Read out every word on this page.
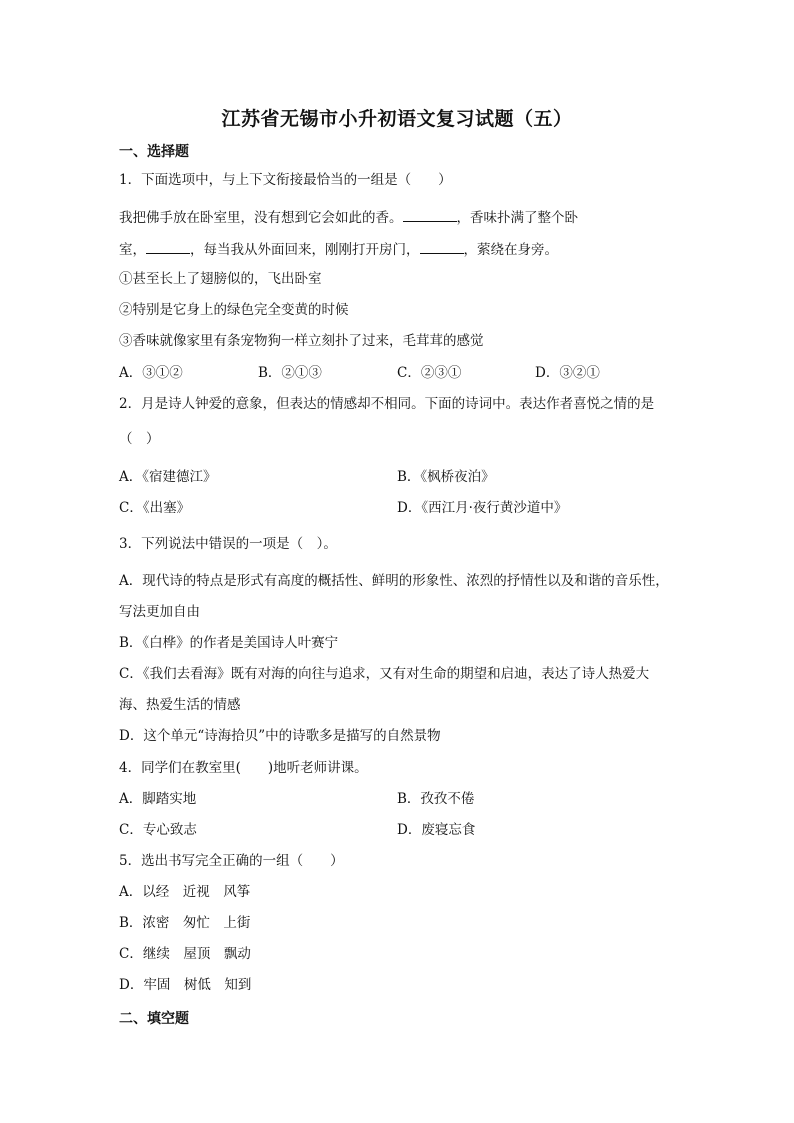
江苏省无锡市小升初语文复习试题（五）
一、选择题
1．下面选项中，与上下文衔接最恰当的一组是（　　）
我把佛手放在卧室里，没有想到它会如此的香。	，香味扑满了整个卧
室，	，每当我从外面回来，刚刚打开房门，	，萦绕在身旁。
①甚至长上了翅膀似的，飞出卧室
②特别是它身上的绿色完全变黄的时候
③香味就像家里有条宠物狗一样立刻扑了过来，毛茸茸的感觉
A．③①②	B．②①③	C．②③①	D．③②①
2．月是诗人钟爱的意象，但表达的情感却不相同。下面的诗词中。表达作者喜悦之情的是
（　）
A．《宿建德江》	B．《枫桥夜泊》
C．《出塞》	D．《西江月·夜行黄沙道中》
3．下列说法中错误的一项是（　）。
A．现代诗的特点是形式有高度的概括性、鲜明的形象性、浓烈的抒情性以及和谐的音乐性，
写法更加自由
B．《白桦》的作者是美国诗人叶赛宁
C．《我们去看海》既有对海的向往与追求，又有对生命的期望和启迪，表达了诗人热爱大
海、热爱生活的情感
D．这个单元“诗海拾贝”中的诗歌多是描写的自然景物
4．同学们在教室里(　　)地听老师讲课。
A．脚踏实地	B．孜孜不倦
C．专心致志	D．废寝忘食
5．选出书写完全正确的一组（　　）
A．以经　近视　风筝
B．浓密　匆忙　上街
C．继续　屋顶　飘动
D．牢固　树低　知到
二、填空题
